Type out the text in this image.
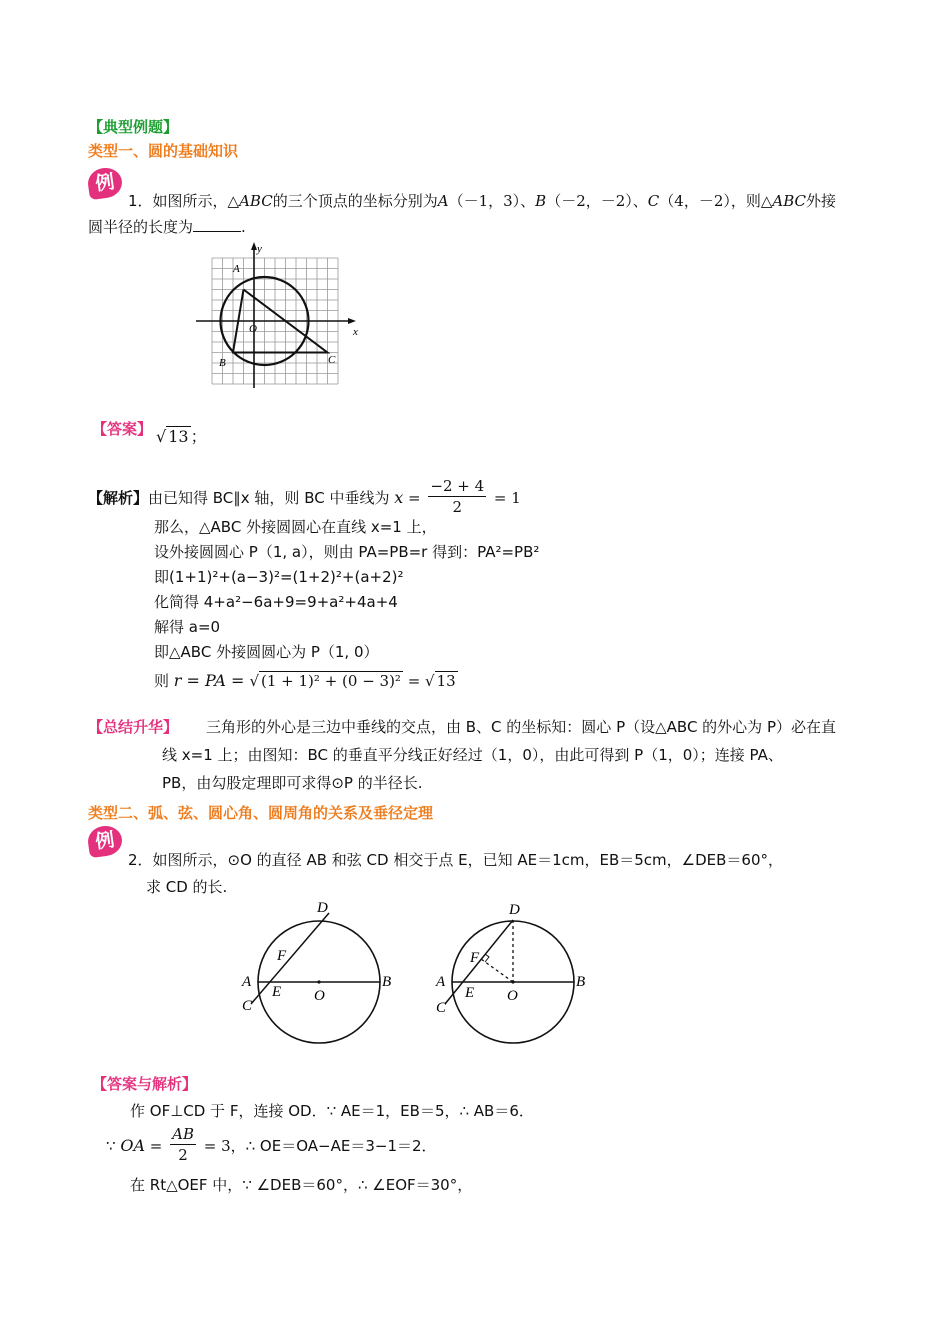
【典型例题】
类型一、圆的基础知识
例
1．如图所示，△ABC的三个顶点的坐标分别为A（－1，3）、B（－2，－2）、C（4，－2），则△ABC外接
圆半径的长度为	.
y
x
A
O
B	C
【答案】 √ 13 ；
【解析】由已知得 BC∥x 轴，则 BC 中垂线为 $x = \frac{-2 + 4}{2} = 1$
那么，△ABC 外接圆圆心在直线 x=1 上，
设外接圆圆心 P（1, a），则由 PA=PB=r 得到：PA²=PB²
即(1+1)²+(a−3)²=(1+2)²+(a+2)²
化简得 4+a²−6a+9=9+a²+4a+4
解得 a=0
即△ABC 外接圆圆心为 P（1, 0）
则 r = PA = √ (1 + 1)² + (0 − 3)² = √ 13
【总结升华】 三角形的外心是三边中垂线的交点，由 B、C 的坐标知：圆心 P（设△ABC 的外心为 P）必在直
线 x=1 上；由图知：BC 的垂直平分线正好经过（1，0），由此可得到 P（1，0）；连接 PA、
PB，由勾股定理即可求得⊙P 的半径长.
类型二、弧、弦、圆心角、圆周角的关系及垂径定理
例
2．如图所示，⊙O 的直径 AB 和弦 CD 相交于点 E，已知 AE＝1cm，EB＝5cm，∠DEB＝60°，
求 CD 的长.
D
F
A
C
E O
B
D
F
A
C
E O
B
【答案与解析】
作 OF⊥CD 于 F，连接 OD．∵ AE＝1，EB＝5，∴ AB＝6．
∵ OA = $\frac{AB}{2} = 3$，∴ OE＝OA−AE＝3−1＝2．
在 Rt△OEF 中，∵ ∠DEB＝60°，∴ ∠EOF＝30°，
